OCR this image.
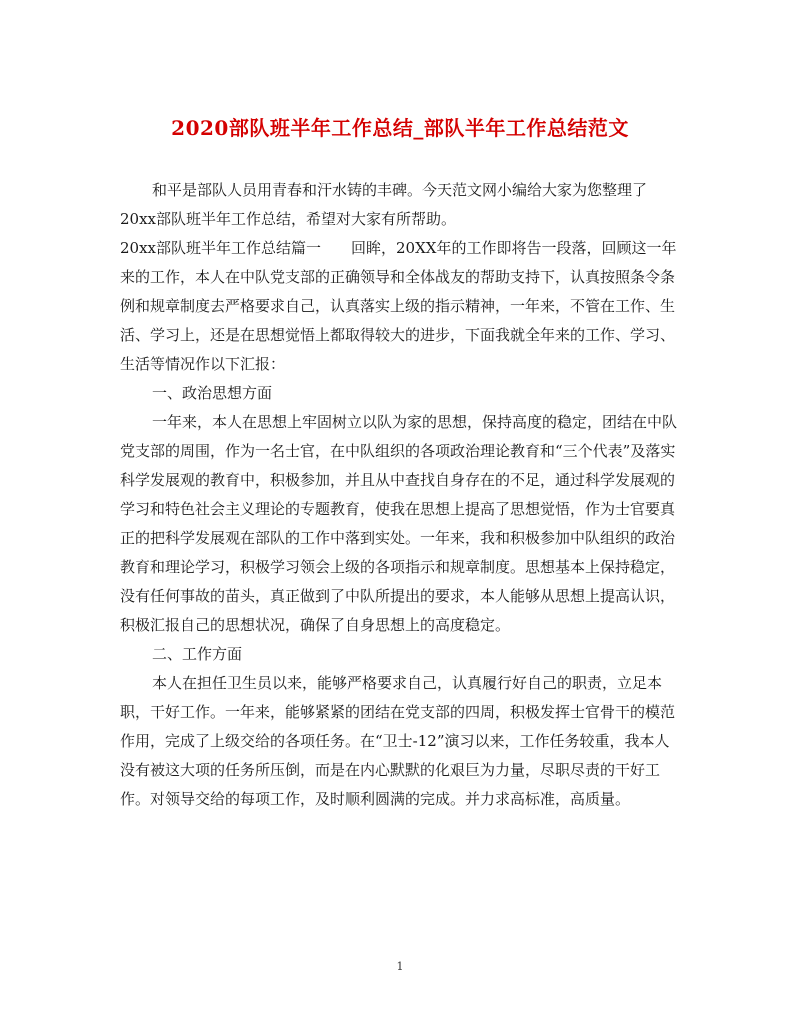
2020部队班半年工作总结_部队半年工作总结范文

和平是部队人员用青春和汗水铸的丰碑。今天范文网小编给大家为您整理了20xx部队班半年工作总结，希望对大家有所帮助。

20xx部队班半年工作总结篇一　　回眸，20XX年的工作即将告一段落，回顾这一年来的工作，本人在中队党支部的正确领导和全体战友的帮助支持下，认真按照条令条例和规章制度去严格要求自己，认真落实上级的指示精神，一年来，不管在工作、生活、学习上，还是在思想觉悟上都取得较大的进步，下面我就全年来的工作、学习、生活等情况作以下汇报：

一、政治思想方面

一年来，本人在思想上牢固树立以队为家的思想，保持高度的稳定，团结在中队党支部的周围，作为一名士官，在中队组织的各项政治理论教育和“三个代表”及落实科学发展观的教育中，积极参加，并且从中查找自身存在的不足，通过科学发展观的学习和特色社会主义理论的专题教育，使我在思想上提高了思想觉悟，作为士官要真正的把科学发展观在部队的工作中落到实处。一年来，我和积极参加中队组织的政治教育和理论学习，积极学习领会上级的各项指示和规章制度。思想基本上保持稳定，没有任何事故的苗头，真正做到了中队所提出的要求，本人能够从思想上提高认识，积极汇报自己的思想状况，确保了自身思想上的高度稳定。

二、工作方面

本人在担任卫生员以来，能够严格要求自己，认真履行好自己的职责，立足本职，干好工作。一年来，能够紧紧的团结在党支部的四周，积极发挥士官骨干的模范作用，完成了上级交给的各项任务。在“卫士-12”演习以来，工作任务较重，我本人没有被这大项的任务所压倒，而是在内心默默的化艰巨为力量，尽职尽责的干好工作。对领导交给的每项工作，及时顺利圆满的完成。并力求高标准，高质量。

1
